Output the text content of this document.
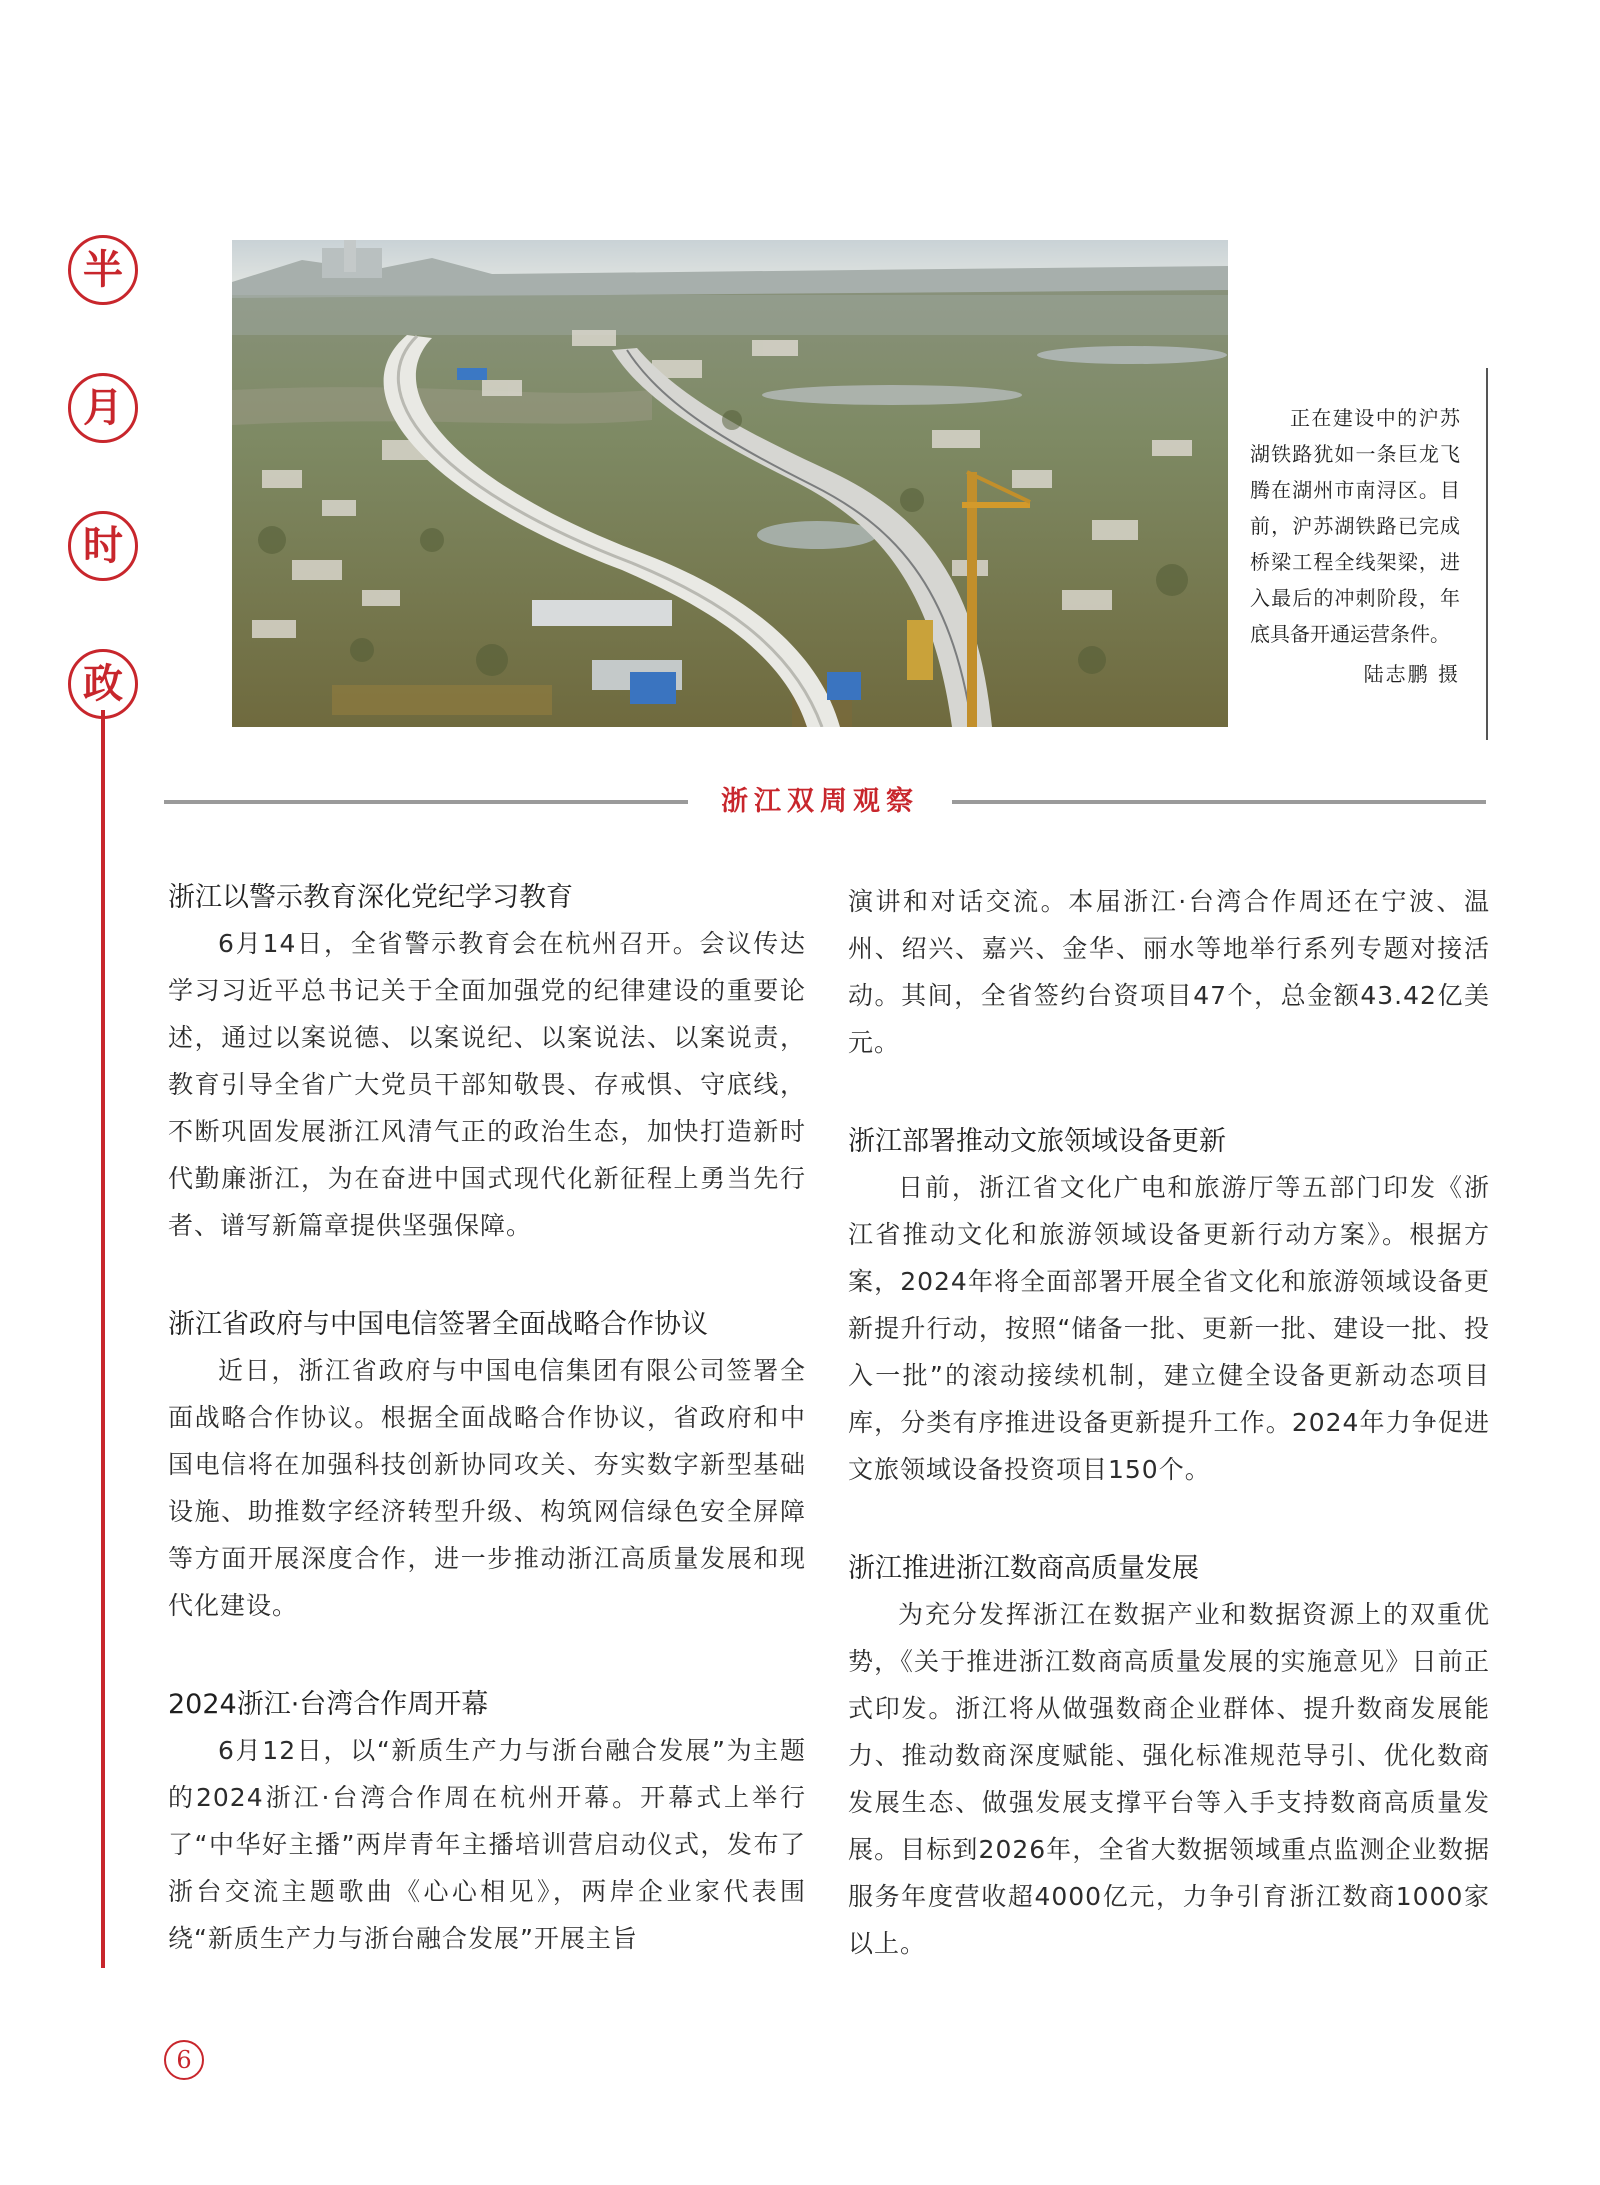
半
月
时
政
正在建设中的沪苏湖铁路犹如一条巨龙飞腾在湖州市南浔区。目前，沪苏湖铁路已完成桥梁工程全线架梁，进入最后的冲刺阶段，年底具备开通运营条件。
陆志鹏 摄
浙江双周观察
浙江以警示教育深化党纪学习教育

6月14日，全省警示教育会在杭州召开。会议传达学习习近平总书记关于全面加强党的纪律建设的重要论述，通过以案说德、以案说纪、以案说法、以案说责，教育引导全省广大党员干部知敬畏、存戒惧、守底线，不断巩固发展浙江风清气正的政治生态，加快打造新时代勤廉浙江，为在奋进中国式现代化新征程上勇当先行者、谱写新篇章提供坚强保障。

浙江省政府与中国电信签署全面战略合作协议

近日，浙江省政府与中国电信集团有限公司签署全面战略合作协议。根据全面战略合作协议，省政府和中国电信将在加强科技创新协同攻关、夯实数字新型基础设施、助推数字经济转型升级、构筑网信绿色安全屏障等方面开展深度合作，进一步推动浙江高质量发展和现代化建设。

2024浙江·台湾合作周开幕

6月12日，以“新质生产力与浙台融合发展”为主题的2024浙江·台湾合作周在杭州开幕。开幕式上举行了“中华好主播”两岸青年主播培训营启动仪式，发布了浙台交流主题歌曲《心心相见》，两岸企业家代表围绕“新质生产力与浙台融合发展”开展主旨

演讲和对话交流。本届浙江·台湾合作周还在宁波、温州、绍兴、嘉兴、金华、丽水等地举行系列专题对接活动。其间，全省签约台资项目47个，总金额43.42亿美元。

浙江部署推动文旅领域设备更新

日前，浙江省文化广电和旅游厅等五部门印发《浙江省推动文化和旅游领域设备更新行动方案》。根据方案，2024年将全面部署开展全省文化和旅游领域设备更新提升行动，按照“储备一批、更新一批、建设一批、投入一批”的滚动接续机制，建立健全设备更新动态项目库，分类有序推进设备更新提升工作。2024年力争促进文旅领域设备投资项目150个。

浙江推进浙江数商高质量发展

为充分发挥浙江在数据产业和数据资源上的双重优势，《关于推进浙江数商高质量发展的实施意见》日前正式印发。浙江将从做强数商企业群体、提升数商发展能力、推动数商深度赋能、强化标准规范导引、优化数商发展生态、做强发展支撑平台等入手支持数商高质量发展。目标到2026年，全省大数据领域重点监测企业数据服务年度营收超4000亿元，力争引育浙江数商1000家以上。

6
